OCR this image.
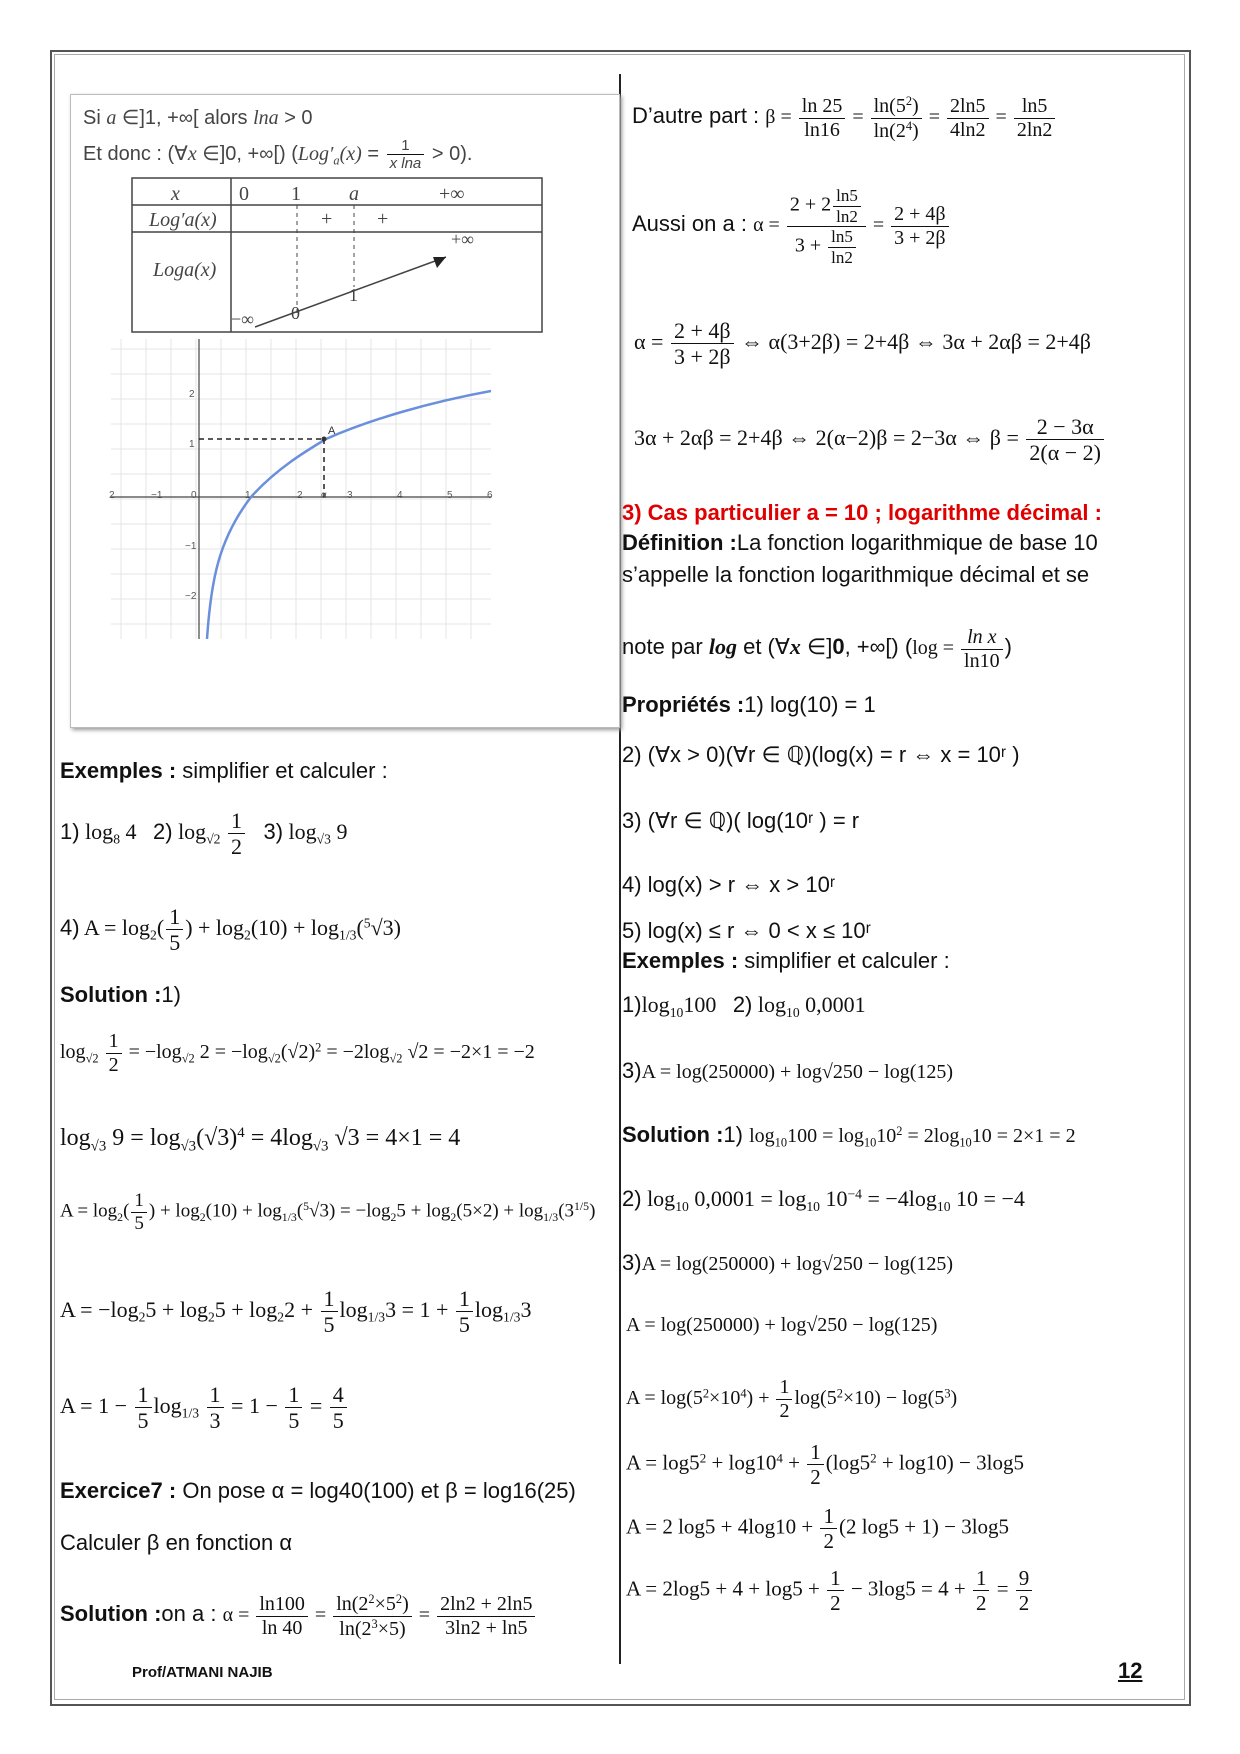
Si a ∈]1, +∞[ alors lna > 0
Et donc : (∀x ∈]0, +∞[) $(Log'_a(x) = \frac{1}{\text{x lna}} > 0)$.
x	0 1 a	+∞
Log′a(x)	+ +
Loga(x)
−∞ 0
1
+∞
2	−1	0	1	2 α 3	4	5	6
2
1
−1
−2
A
Exemples : simplifier et calculer :
1) $\log_8 4$   2) $\log_{√2} \frac{1}{2} 3$) $\log_{√3} 9$
4) $A = \log_2( \frac{1}{5}$ ) + $\log_2(10) + \log_{1/3}(^5√3)$
Solution :1)
$\log_{√2} \frac{1}{2} = -\log_{√2}$ $2 = -\log_{√2}(√2)^2 = -2\log_{√2}$ √2 = −2×1 = −2
$\log_{√3} 9 = \log_{√3}(√3)^4 = 4\log_{√3}$ √3 = 4×1 = 4
$A = \log_2( \frac{1}{5}$ ) + $\log_2(10) + \log_{1/3}(^5√3) = -\log_25 + \log_2(5\times 2) + \log_{1/3}(3^{1/5})$
$A = -\log_25 + \log_25 + \log_22 + \frac{1}{5} \log_{1/3}3 = 1 + \frac{1}{5} \log_{1/3}3$
$A = 1 - \frac{1}{5} \log_{1/3} \frac{1}{3} = 1 - \frac{1}{5} = \frac{4}{5}$
Exercice7 : On pose α = log40(100) et β = log16(25)
Calculer β en fonction α
Solution :on a : $\alpha = \frac{\ln 100}{\ln 40} = \frac{\ln(2^2\times 5^2)}{\ln(2^3\times 5)} = \frac{2\ln 2 + 2\ln 5}{3\ln 2 + \ln 5}$
D’autre part : $\beta = \frac{\ln 25}{\ln 16} = \frac{\ln(5^2)}{\ln(2^4)} = \frac{2\ln 5}{4\ln 2} = \frac{\ln 5}{2\ln 2}$
Aussi on a : $\alpha = \frac{2 + 2 \frac{\ln 5}{\ln 2}}{3 + \frac{\ln 5}{\ln 2}} = \frac{2 + 4\beta}{3 + 2\beta}$
$\alpha = \frac{2 + 4\beta}{3 + 2\beta}$ ⇔ α(3+2β) = 2+4β ⇔ 3α + 2αβ = 2+4β
3α + 2αβ = 2+4β ⇔ 2(α−2)β = 2−3α ⇔ $\beta = \frac{2 - 3\alpha}{2(\alpha - 2)}$
3) Cas particulier a = 10 ; logarithme décimal :
Définition :La fonction logarithmique de base 10
s’appelle la fonction logarithmique décimal et se
note par log et (∀x ∈]0, +∞[) ($\log = \frac{\text{ln x}}{\ln 10}$ )
Propriétés :1) log(10) = 1
2) (∀x > 0)(∀r ∈ ℚ)(log(x) = r ⇔ x = 10ʳ )
3) (∀r ∈ ℚ)( log(10ʳ ) = r
4) log(x) > r ⇔ x > 10ʳ
5) log(x) ≤ r ⇔ 0 < x ≤ 10ʳ
Exemples : simplifier et calculer :
$1)\log_{10}100$   2) $\log_{10} 0,0001$
3)A = log(250000) + log√250 − log(125)
Solution :1) $\log_{10}100 = \log_{10}10^2 = 2\log_{10}10 = 2\times 1 = 2$
2) $\log_{10} 0,0001 = \log_{10} 10^{-4} = -4\log_{10}$ 10 = −4
3)A = log(250000) + log√250 − log(125)
A = log(250000) + log√250 − log(125)
$A = \log(5^2\times 10^4) + \frac{1}{2} \log(5^2\times 10) - \log(5^3)$
$A = \log 5^2 + \log 10^4 + \frac{1}{2} (\log 5^2 + \log 10) - 3\log 5$
A = 2 $\log 5 + 4\log 10 + \frac{1}{2} (2$ log5 + 1) − 3log5
$A = 2\log 5 + 4 + \log 5 + \frac{1}{2} - 3\log 5 = 4 + \frac{1}{2} = \frac{9}{2}$
Prof/ATMANI NAJIB	12
